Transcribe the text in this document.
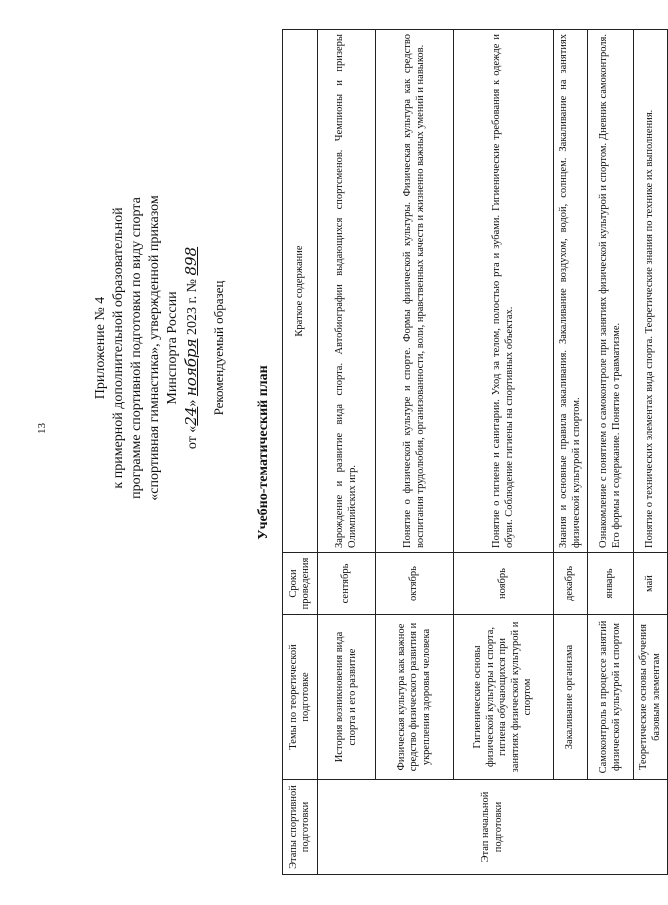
13
Приложение № 4 к примерной дополнительной образовательной программе спортивной подготовки по виду спорта «спортивная гимнастика», утвержденной приказом Минспорта России
от «24» ноября 2023 г. № 898
Рекомендуемый образец
Учебно-тематический план
Этапы спортивной подготовки	Темы по теоретической подготовке	Сроки проведения	Краткое содержание
Этап начальной подготовки	История возникновения вида спорта и его развитие	сентябрь	Зарождение и развитие вида спорта. Автобиографии выдающихся спортсменов. Чемпионы и призеры Олимпийских игр.
	Физическая культура как важное средство физического развития и укрепления здоровья человека	октябрь	Понятие о физической культуре и спорте. Формы физической культуры. Физическая культура как средство воспитания трудолюбия, организованности, воли, нравственных качеств и жизненно важных умений и навыков.
	Гигиенические основы физической культуры и спорта, гигиена обучающихся при занятиях физической культурой и спортом	ноябрь	Понятие о гигиене и санитарии. Уход за телом, полостью рта и зубами. Гигиенические требования к одежде и обуви. Соблюдение гигиены на спортивных объектах.
	Закаливание организма	декабрь	Знания и основные правила закаливания. Закаливание воздухом, водой, солнцем. Закаливание на занятиях физической культурой и спортом.
	Самоконтроль в процессе занятий физической культурой и спортом	январь	Ознакомление с понятием о самоконтроле при занятиях физической культурой и спортом. Дневник самоконтроля. Его формы и содержание. Понятие о травматизме.
	Теоретические основы обучения базовым элементам	май	Понятие о технических элементах вида спорта. Теоретические знания по технике их выполнения.
